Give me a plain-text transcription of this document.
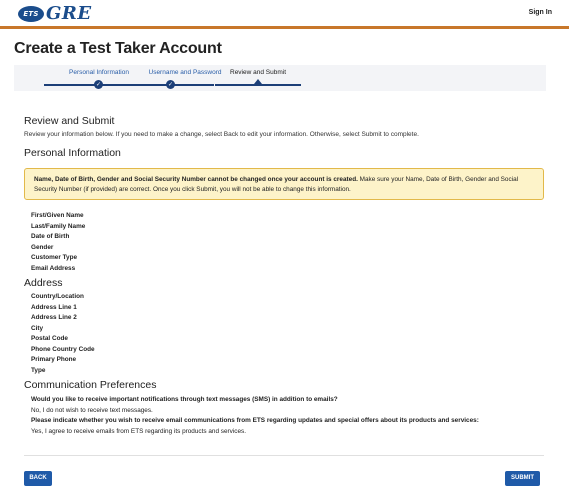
ETS GRE	Sign In
Create a Test Taker Account
Personal Information
✓
Username and Password
✓
Review and Submit
Review and Submit
Review your information below. If you need to make a change, select Back to edit your information. Otherwise, select Submit to complete.
Personal Information
Name, Date of Birth, Gender and Social Security Number cannot be changed once your account is created. Make sure your Name, Date of Birth, Gender and Social Security Number (if provided) are correct. Once you click Submit, you will not be able to change this information.
First/Given Name
Last/Family Name
Date of Birth
Gender
Customer Type
Email Address
Address
Country/Location
Address Line 1
Address Line 2
City
Postal Code
Phone Country Code
Primary Phone
Type
Communication Preferences
Would you like to receive important notifications through text messages (SMS) in addition to emails?
No, I do not wish to receive text messages.
Please indicate whether you wish to receive email communications from ETS regarding updates and special offers about its products and services:
Yes, I agree to receive emails from ETS regarding its products and services.
BACK	SUBMIT
